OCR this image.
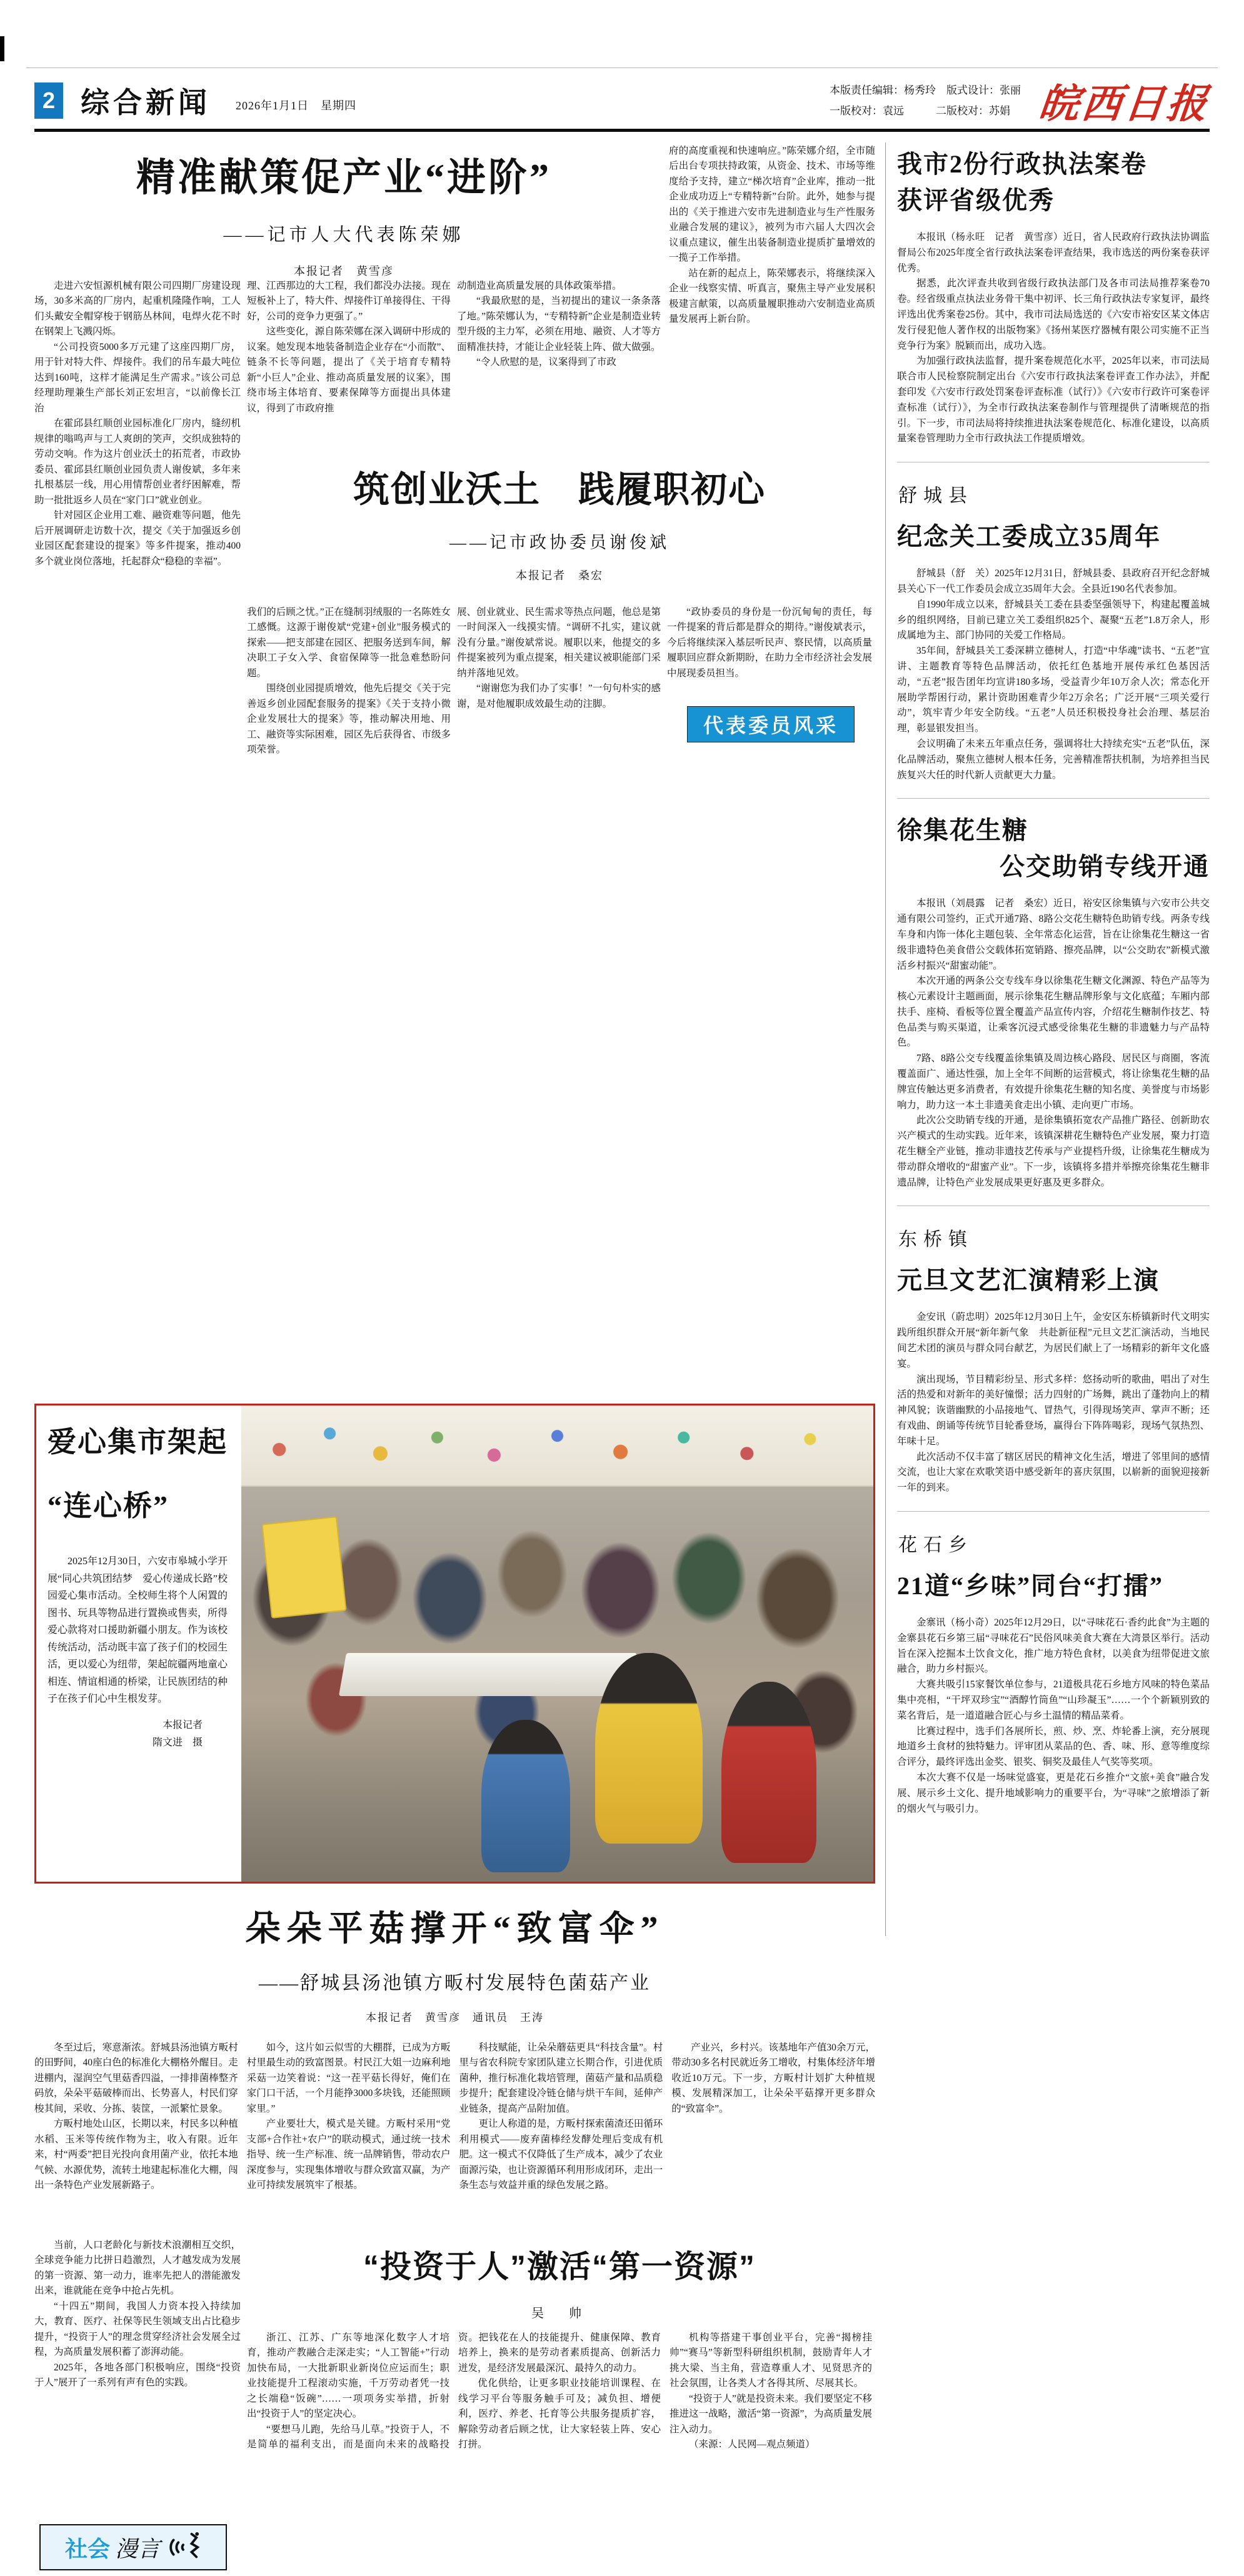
2 综合新闻 2026年1月1日　星期四
本版责任编辑：杨秀玲　版式设计：张丽
一版校对：袁远　　　二版校对：苏娟 皖西日报
精准献策促产业“进阶”
——记市人大代表陈荣娜
本报记者　黄雪彦

府的高度重视和快速响应。”陈荣娜介绍，全市随后出台专项扶持政策，从资金、技术、市场等维度给予支持，建立“梯次培育”企业库，推动一批企业成功迈上“专精特新”台阶。此外，她参与提出的《关于推进六安市先进制造业与生产性服务业融合发展的建议》，被列为市六届人大四次会议重点建议，催生出装备制造业提质扩量增效的一揽子工作举措。

站在新的起点上，陈荣娜表示，将继续深入企业一线察实情、听真言，聚焦主导产业发展积极建言献策，以高质量履职推动六安制造业高质量发展再上新台阶。

走进六安恒源机械有限公司四期厂房建设现场，30多米高的厂房内，起重机隆隆作响，工人们头戴安全帽穿梭于钢筋丛林间，电焊火花不时在钢架上飞溅闪烁。

“公司投资5000多万元建了这座四期厂房，用于针对特大件、焊接件。我们的吊车最大吨位达到160吨，这样才能满足生产需求。”该公司总经理助理兼生产部长刘正宏坦言，“以前像长江治

在霍邱县红顺创业园标准化厂房内，缝纫机规律的嗡鸣声与工人爽朗的笑声，交织成独特的劳动交响。作为这片创业沃土的拓荒者，市政协委员、霍邱县红顺创业园负责人谢俊斌，多年来扎根基层一线，用心用情帮创业者纾困解难，帮助一批批返乡人员在“家门口”就业创业。

针对园区企业用工难、融资难等问题，他先后开展调研走访数十次，提交《关于加强返乡创业园区配套建设的提案》等多件提案，推动400多个就业岗位落地，托起群众“稳稳的幸福”。

理、江西那边的大工程，我们都没办法接。现在短板补上了，特大件、焊接件订单接得住、干得好，公司的竞争力更强了。”

这些变化，源自陈荣娜在深入调研中形成的议案。她发现本地装备制造企业存在“小而散”、链条不长等问题，提出了《关于培育专精特新“小巨人”企业、推动高质量发展的议案》，围绕市场主体培育、要素保障等方面提出具体建议，得到了市政府推

动制造业高质量发展的具体政策举措。

“我最欣慰的是，当初提出的建议一条条落了地。”陈荣娜认为，“专精特新”企业是制造业转型升级的主力军，必须在用地、融资、人才等方面精准扶持，才能让企业轻装上阵、做大做强。

“令人欣慰的是，议案得到了市政

筑创业沃土　践履职初心
——记市政协委员谢俊斌
本报记者　桑宏

我们的后顾之忧。”正在缝制羽绒服的一名陈姓女工感慨。这源于谢俊斌“党建+创业”服务模式的探索——把支部建在园区、把服务送到车间，解决职工子女入学、食宿保障等一批急难愁盼问题。

围绕创业园提质增效，他先后提交《关于完善返乡创业园配套服务的提案》《关于支持小微企业发展壮大的提案》等，推动解决用地、用工、融资等实际困难，园区先后获得省、市级多项荣誉。

展、创业就业、民生需求等热点问题，他总是第一时间深入一线摸实情。“调研不扎实，建议就没有分量。”谢俊斌常说。履职以来，他提交的多件提案被列为重点提案，相关建议被职能部门采纳并落地见效。

“谢谢您为我们办了实事！”一句句朴实的感谢，是对他履职成效最生动的注脚。

“政协委员的身份是一份沉甸甸的责任，每一件提案的背后都是群众的期待。”谢俊斌表示，今后将继续深入基层听民声、察民情，以高质量履职回应群众新期盼，在助力全市经济社会发展中展现委员担当。

代表委员风采
爱心集市架起
“连心桥”

2025年12月30日，六安市皋城小学开展“同心共筑团结梦　爱心传递成长路”校园爱心集市活动。全校师生将个人闲置的图书、玩具等物品进行置换或售卖，所得爱心款将对口援助新疆小朋友。作为该校传统活动，活动既丰富了孩子们的校园生活，更以爱心为纽带，架起皖疆两地童心相连、情谊相通的桥梁，让民族团结的种子在孩子们心中生根发芽。

本报记者
隋文进　摄
朵朵平菇撑开“致富伞”
——舒城县汤池镇方畈村发展特色菌菇产业
本报记者　黄雪彦　通讯员　王涛

冬至过后，寒意渐浓。舒城县汤池镇方畈村的田野间，40座白色的标准化大棚格外醒目。走进棚内，湿润空气里菇香四溢，一排排菌棒整齐码放，朵朵平菇破棒而出、长势喜人，村民们穿梭其间，采收、分拣、装筐，一派繁忙景象。

方畈村地处山区，长期以来，村民多以种植水稻、玉米等传统作物为主，收入有限。近年来，村“两委”把目光投向食用菌产业，依托本地气候、水源优势，流转土地建起标准化大棚，闯出一条特色产业发展新路子。

如今，这片如云似雪的大棚群，已成为方畈村里最生动的致富图景。村民江大姐一边麻利地采菇一边笑着说：“这一茬平菇长得好，俺们在家门口干活，一个月能挣3000多块钱，还能照顾家里。”

产业要壮大，模式是关键。方畈村采用“党支部+合作社+农户”的联动模式，通过统一技术指导、统一生产标准、统一品牌销售，带动农户深度参与，实现集体增收与群众致富双赢，为产业可持续发展筑牢了根基。

科技赋能，让朵朵蘑菇更具“科技含量”。村里与省农科院专家团队建立长期合作，引进优质菌种，推行标准化栽培管理，菌菇产量和品质稳步提升；配套建设冷链仓储与烘干车间，延伸产业链条，提高产品附加值。

更让人称道的是，方畈村探索菌渣还田循环利用模式——废弃菌棒经发酵处理后变成有机肥。这一模式不仅降低了生产成本，减少了农业面源污染，也让资源循环利用形成闭环，走出一条生态与效益并重的绿色发展之路。

产业兴，乡村兴。该基地年产值30余万元，带动30多名村民就近务工增收，村集体经济年增收近10万元。下一步，方畈村计划扩大种植规模、发展精深加工，让朵朵平菇撑开更多群众的“致富伞”。

当前，人口老龄化与新技术浪潮相互交织，全球竞争能力比拼日趋激烈，人才越发成为发展的第一资源、第一动力，谁率先把人的潜能激发出来，谁就能在竞争中抢占先机。

“十四五”期间，我国人力资本投入持续加大，教育、医疗、社保等民生领域支出占比稳步提升，“投资于人”的理念贯穿经济社会发展全过程，为高质量发展积蓄了澎湃动能。

2025年，各地各部门积极响应，围绕“投资于人”展开了一系列有声有色的实践。

“投资于人”激活“第一资源”
吴　帅

浙江、江苏、广东等地深化数字人才培育，推动产教融合走深走实；“人工智能+”行动加快布局，一大批新职业新岗位应运而生；职业技能提升工程滚动实施，千万劳动者凭一技之长端稳“饭碗”……一项项务实举措，折射出“投资于人”的坚定决心。

“要想马儿跑，先给马儿草。”投资于人，不是简单的福利支出，而是面向未来的战略投资。把钱花在人的技能提升、健康保障、教育培养上，换来的是劳动者素质提高、创新活力迸发，是经济发展最深沉、最持久的动力。

优化供给，让更多职业技能培训课程、在线学习平台等服务触手可及；减负担、增便利，医疗、养老、托育等公共服务提质扩容，解除劳动者后顾之忧，让大家轻装上阵、安心打拼。

机构等搭建干事创业平台，完善“揭榜挂帅”“赛马”等新型科研组织机制，鼓励青年人才挑大梁、当主角，营造尊重人才、见贤思齐的社会氛围，让各类人才各得其所、尽展其长。

“投资于人”就是投资未来。我们要坚定不移推进这一战略，激活“第一资源”，为高质量发展注入动力。

（来源：人民网—观点频道）

社会 漫言
我市2份行政执法案卷
获评省级优秀

本报讯（杨永旺　记者　黄雪彦）近日，省人民政府行政执法协调监督局公布2025年度全省行政执法案卷评查结果，我市选送的两份案卷获评优秀。

据悉，此次评查共收到省级行政执法部门及各市司法局推荐案卷70卷。经省级重点执法业务骨干集中初评、长三角行政执法专家复评，最终评选出优秀案卷25份。其中，我市司法局选送的《六安市裕安区某文体店发行侵犯他人著作权的出版物案》《扬州某医疗器械有限公司实施不正当竞争行为案》脱颖而出，成功入选。

为加强行政执法监督，提升案卷规范化水平，2025年以来，市司法局联合市人民检察院制定出台《六安市行政执法案卷评查工作办法》，并配套印发《六安市行政处罚案卷评查标准（试行）》《六安市行政许可案卷评查标准（试行）》，为全市行政执法案卷制作与管理提供了清晰规范的指引。下一步，市司法局将持续推进执法案卷规范化、标准化建设，以高质量案卷管理助力全市行政执法工作提质增效。

舒城县
纪念关工委成立35周年

舒城县（舒　关）2025年12月31日，舒城县委、县政府召开纪念舒城县关心下一代工作委员会成立35周年大会。全县近190名代表参加。

自1990年成立以来，舒城县关工委在县委坚强领导下，构建起覆盖城乡的组织网络，目前已建立关工委组织825个、凝聚“五老”1.8万余人，形成属地为主、部门协同的关爱工作格局。

35年间，舒城县关工委深耕立德树人，打造“中华魂”读书、“五老”宣讲、主题教育等特色品牌活动，依托红色基地开展传承红色基因活动，“五老”报告团年均宣讲180多场，受益青少年10万余人次；常态化开展助学帮困行动，累计资助困难青少年2万余名；广泛开展“三项关爱行动”，筑牢青少年安全防线。“五老”人员还积极投身社会治理、基层治理，彰显银发担当。

会议明确了未来五年重点任务，强调将壮大持续充实“五老”队伍，深化品牌活动，聚焦立德树人根本任务，完善精准帮扶机制，为培养担当民族复兴大任的时代新人贡献更大力量。

徐集花生糖
公交助销专线开通

本报讯（刘晨露　记者　桑宏）近日，裕安区徐集镇与六安市公共交通有限公司签约，正式开通7路、8路公交花生糖特色助销专线。两条专线车身和内饰一体化主题包装、全年常态化运营，旨在让徐集花生糖这一省级非遗特色美食借公交载体拓宽销路、擦亮品牌，以“公交助农”新模式激活乡村振兴“甜蜜动能”。

本次开通的两条公交专线车身以徐集花生糖文化渊源、特色产品等为核心元素设计主题画面，展示徐集花生糖品牌形象与文化底蕴；车厢内部扶手、座椅、看板等位置全覆盖产品宣传内容，介绍花生糖制作技艺、特色品类与购买渠道，让乘客沉浸式感受徐集花生糖的非遗魅力与产品特色。

7路、8路公交专线覆盖徐集镇及周边核心路段、居民区与商圈，客流覆盖面广、通达性强，加上全年不间断的运营模式，将让徐集花生糖的品牌宣传触达更多消费者，有效提升徐集花生糖的知名度、美誉度与市场影响力，助力这一本土非遗美食走出小镇、走向更广市场。

此次公交助销专线的开通，是徐集镇拓宽农产品推广路径、创新助农兴产模式的生动实践。近年来，该镇深耕花生糖特色产业发展，聚力打造花生糖全产业链，推动非遗技艺传承与产业提档升级，让徐集花生糖成为带动群众增收的“甜蜜产业”。下一步，该镇将多措并举擦亮徐集花生糖非遗品牌，让特色产业发展成果更好惠及更多群众。

东桥镇
元旦文艺汇演精彩上演

金安讯（蔚忠明）2025年12月30日上午，金安区东桥镇新时代文明实践所组织群众开展“新年新气象　共赴新征程”元旦文艺汇演活动，当地民间艺术团的演员与群众同台献艺，为居民们献上了一场精彩的新年文化盛宴。

演出现场，节目精彩纷呈、形式多样：悠扬动听的歌曲，唱出了对生活的热爱和对新年的美好憧憬；活力四射的广场舞，跳出了蓬勃向上的精神风貌；诙谐幽默的小品接地气、冒热气，引得现场笑声、掌声不断；还有戏曲、朗诵等传统节目轮番登场，赢得台下阵阵喝彩，现场气氛热烈、年味十足。

此次活动不仅丰富了辖区居民的精神文化生活，增进了邻里间的感情交流，也让大家在欢歌笑语中感受新年的喜庆氛围，以崭新的面貌迎接新一年的到来。

花石乡
21道“乡味”同台“打擂”

金寨讯（杨小奇）2025年12月29日，以“寻味花石·香约此食”为主题的金寨县花石乡第三届“寻味花石”民俗风味美食大赛在大湾景区举行。活动旨在深入挖掘本土饮食文化，推广地方特色食材，以美食为纽带促进文旅融合，助力乡村振兴。

大赛共吸引15家餐饮单位参与，21道极具花石乡地方风味的特色菜品集中亮相，“干坪双珍宝”“酒醇竹筒鱼”“山珍凝玉”……一个个新颖别致的菜名背后，是一道道融合匠心与乡土温情的精品菜肴。

比赛过程中，选手们各展所长，煎、炒、烹、炸轮番上演，充分展现地道乡土食材的独特魅力。评审团从菜品的色、香、味、形、意等维度综合评分，最终评选出金奖、银奖、铜奖及最佳人气奖等奖项。

本次大赛不仅是一场味觉盛宴，更是花石乡推介“文旅+美食”融合发展、展示乡土文化、提升地域影响力的重要平台，为“寻味”之旅增添了新的烟火气与吸引力。
